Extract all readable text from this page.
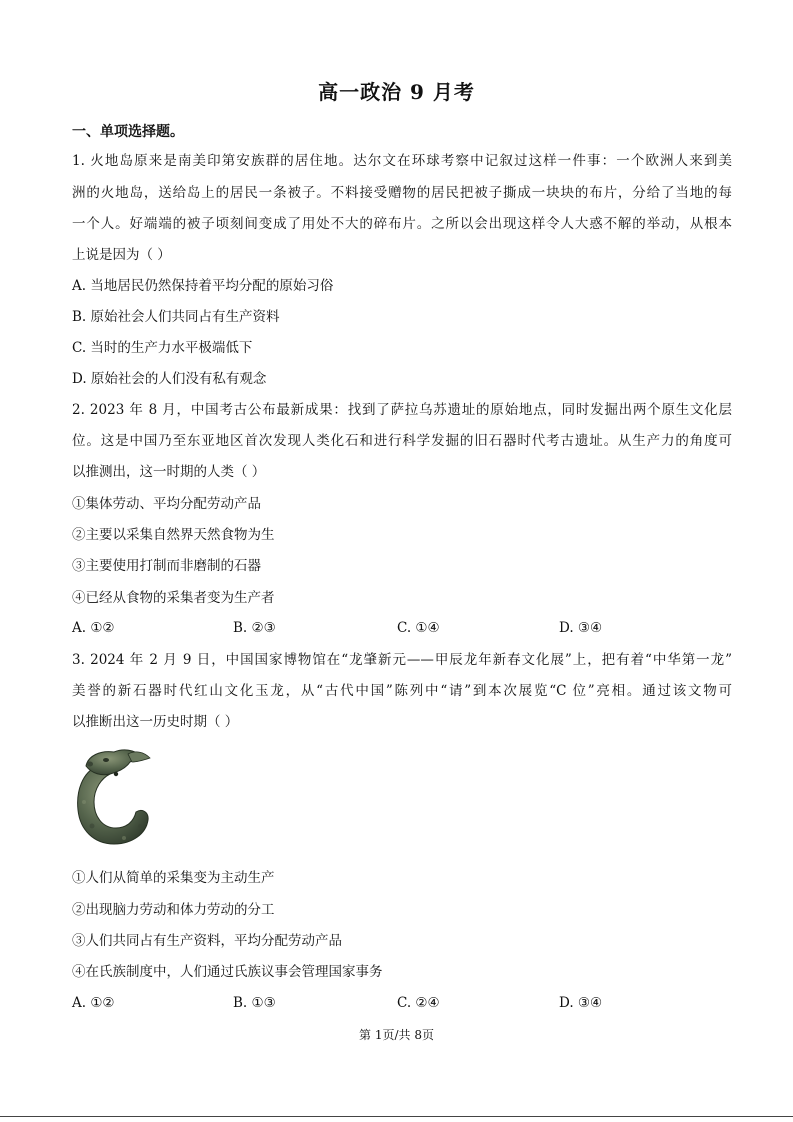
高一政治 9 月考
一、单项选择题。
1. 火地岛原来是南美印第安族群的居住地。达尔文在环球考察中记叙过这样一件事：一个欧洲人来到美
洲的火地岛，送给岛上的居民一条被子。不料接受赠物的居民把被子撕成一块块的布片，分给了当地的每
一个人。好端端的被子顷刻间变成了用处不大的碎布片。之所以会出现这样令人大惑不解的举动，从根本
上说是因为（ ）
A. 当地居民仍然保持着平均分配的原始习俗
B. 原始社会人们共同占有生产资料
C. 当时的生产力水平极端低下
D. 原始社会的人们没有私有观念
2. 2023 年 8 月，中国考古公布最新成果：找到了萨拉乌苏遗址的原始地点，同时发掘出两个原生文化层
位。这是中国乃至东亚地区首次发现人类化石和进行科学发掘的旧石器时代考古遗址。从生产力的角度可
以推测出，这一时期的人类（ ）
①集体劳动、平均分配劳动产品
②主要以采集自然界天然食物为生
③主要使用打制而非磨制的石器
④已经从食物的采集者变为生产者
A. ①②	B. ②③	C. ①④	D. ③④
3. 2024 年 2 月 9 日，中国国家博物馆在“龙肇新元——甲辰龙年新春文化展”上，把有着“中华第一龙”
美誉的新石器时代红山文化玉龙，从“古代中国”陈列中“请”到本次展览“C 位”亮相。通过该文物可
以推断出这一历史时期（ ）
①人们从简单的采集变为主动生产
②出现脑力劳动和体力劳动的分工
③人们共同占有生产资料，平均分配劳动产品
④在氏族制度中，人们通过氏族议事会管理国家事务
A. ①②	B. ①③	C. ②④	D. ③④
第 1页/共 8页
